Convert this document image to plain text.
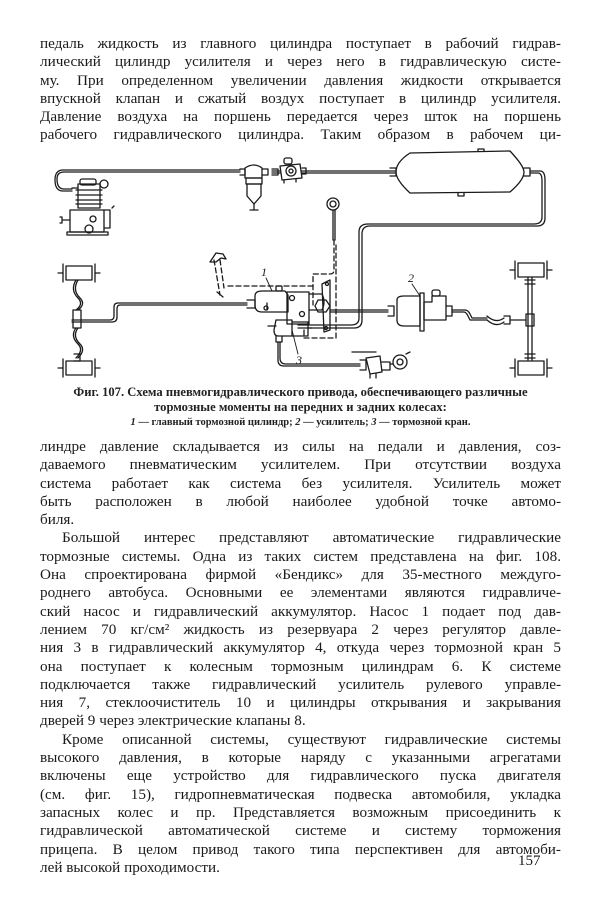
педаль жидкость из главного цилиндра поступает в рабочий гидрав-
лический цилиндр усилителя и через него в гидравлическую систе-
му. При определенном увеличении давления жидкости открывается
впускной клапан и сжатый воздух поступает в цилиндр усилителя.
Давление воздуха на поршень передается через шток на поршень
рабочего гидравлического цилиндра. Таким образом в рабочем ци-
1	2
3
Фиг. 107. Схема пневмогидравлического привода, обеспечивающего различные
тормозные моменты на передних и задних колесах:
1 — главный тормозной цилиндр; 2 — усилитель; 3 — тормозной кран.
линдре давление складывается из силы на педали и давления, соз-
даваемого пневматическим усилителем. При отсутствии воздуха
система работает как система без усилителя. Усилитель может
быть расположен в любой наиболее удобной точке автомо-
биля.
Большой интерес представляют автоматические гидравлические
тормозные системы. Одна из таких систем представлена на фиг. 108.
Она спроектирована фирмой «Бендикс» для 35-местного междуго-
роднего автобуса. Основными ее элементами являются гидравличе-
ский насос и гидравлический аккумулятор. Насос 1 подает под дав-
лением 70 кг/см² жидкость из резервуара 2 через регулятор давле-
ния 3 в гидравлический аккумулятор 4, откуда через тормозной кран 5
она поступает к колесным тормозным цилиндрам 6. К системе
подключается также гидравлический усилитель рулевого управле-
ния 7, стеклоочиститель 10 и цилиндры открывания и закрывания
дверей 9 через электрические клапаны 8.
Кроме описанной системы, существуют гидравлические системы
высокого давления, в которые наряду с указанными агрегатами
включены еще устройство для гидравлического пуска двигателя
(см. фиг. 15), гидропневматическая подвеска автомобиля, укладка
запасных колес и пр. Представляется возможным присоединить к
гидравлической автоматической системе и систему торможения
прицепа. В целом привод такого типа перспективен для автомоби-
лей высокой проходимости.	157
